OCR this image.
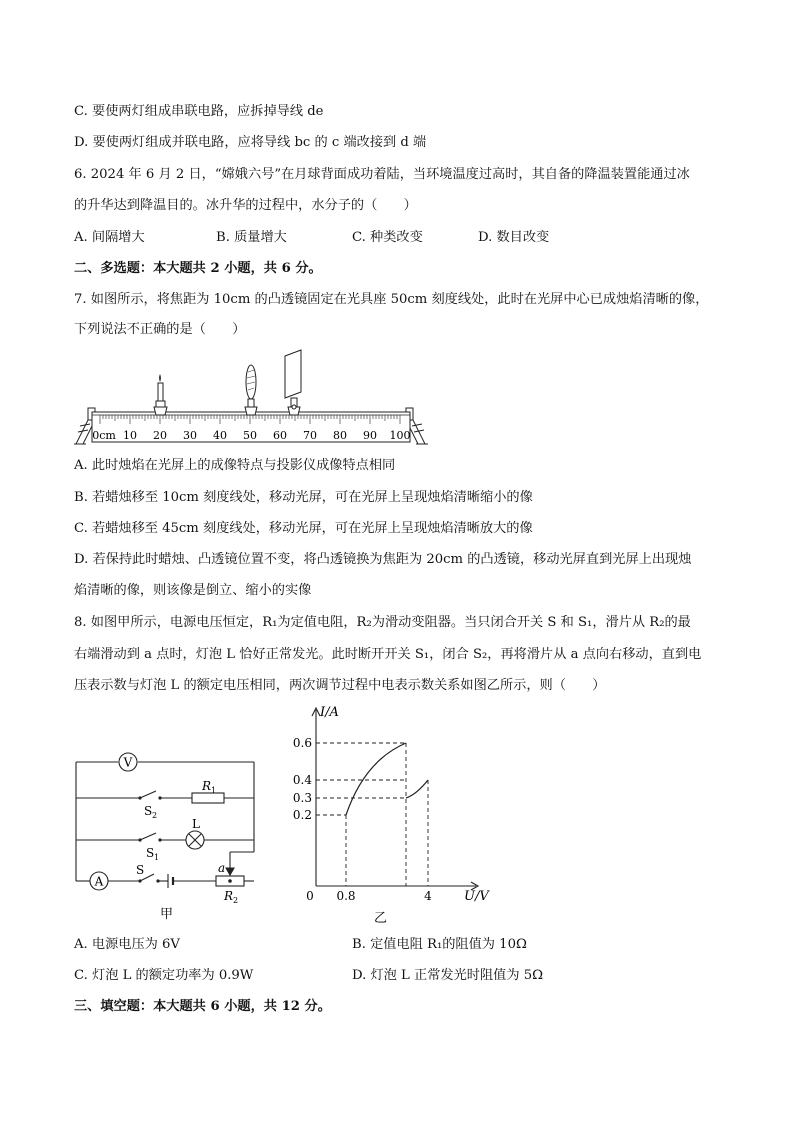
C. 要使两灯组成串联电路，应拆掉导线 de
D. 要使两灯组成并联电路，应将导线 bc 的 c 端改接到 d 端
6. 2024 年 6 月 2 日，“嫦娥六号”在月球背面成功着陆，当环境温度过高时，其自备的降温装置能通过冰
的升华达到降温目的。冰升华的过程中，水分子的（　　）
A. 间隔增大	B. 质量增大	C. 种类改变	D. 数目改变
二、多选题：本大题共 2 小题，共 6 分。
7. 如图所示，将焦距为 10cm 的凸透镜固定在光具座 50cm 刻度线处，此时在光屏中心已成烛焰清晰的像，
下列说法不正确的是（　　）
0cm 10 20 30 40 50 60 70 80 90 100
A. 此时烛焰在光屏上的成像特点与投影仪成像特点相同
B. 若蜡烛移至 10cm 刻度线处，移动光屏，可在光屏上呈现烛焰清晰缩小的像
C. 若蜡烛移至 45cm 刻度线处，移动光屏，可在光屏上呈现烛焰清晰放大的像
D. 若保持此时蜡烛、凸透镜位置不变，将凸透镜换为焦距为 20cm 的凸透镜，移动光屏直到光屏上出现烛
焰清晰的像，则该像是倒立、缩小的实像
8. 如图甲所示，电源电压恒定，R₁为定值电阻，R₂为滑动变阻器。当只闭合开关 S 和 S₁，滑片从 R₂的最
右端滑动到 a 点时，灯泡 L 恰好正常发光。此时断开开关 S₁，闭合 S₂，再将滑片从 a 点向右移动，直到电
压表示数与灯泡 L 的额定电压相同，两次调节过程中电表示数关系如图乙所示，则（　　）
V
A
R 1
S 2
L
S 1
S	a
R 2
甲
I/A
U/V
0
0.6
0.4
0.3
0.2
0.8	4
乙
A. 电源电压为 6V	B. 定值电阻 R₁的阻值为 10Ω
C. 灯泡 L 的额定功率为 0.9W	D. 灯泡 L 正常发光时阻值为 5Ω
三、填空题：本大题共 6 小题，共 12 分。
